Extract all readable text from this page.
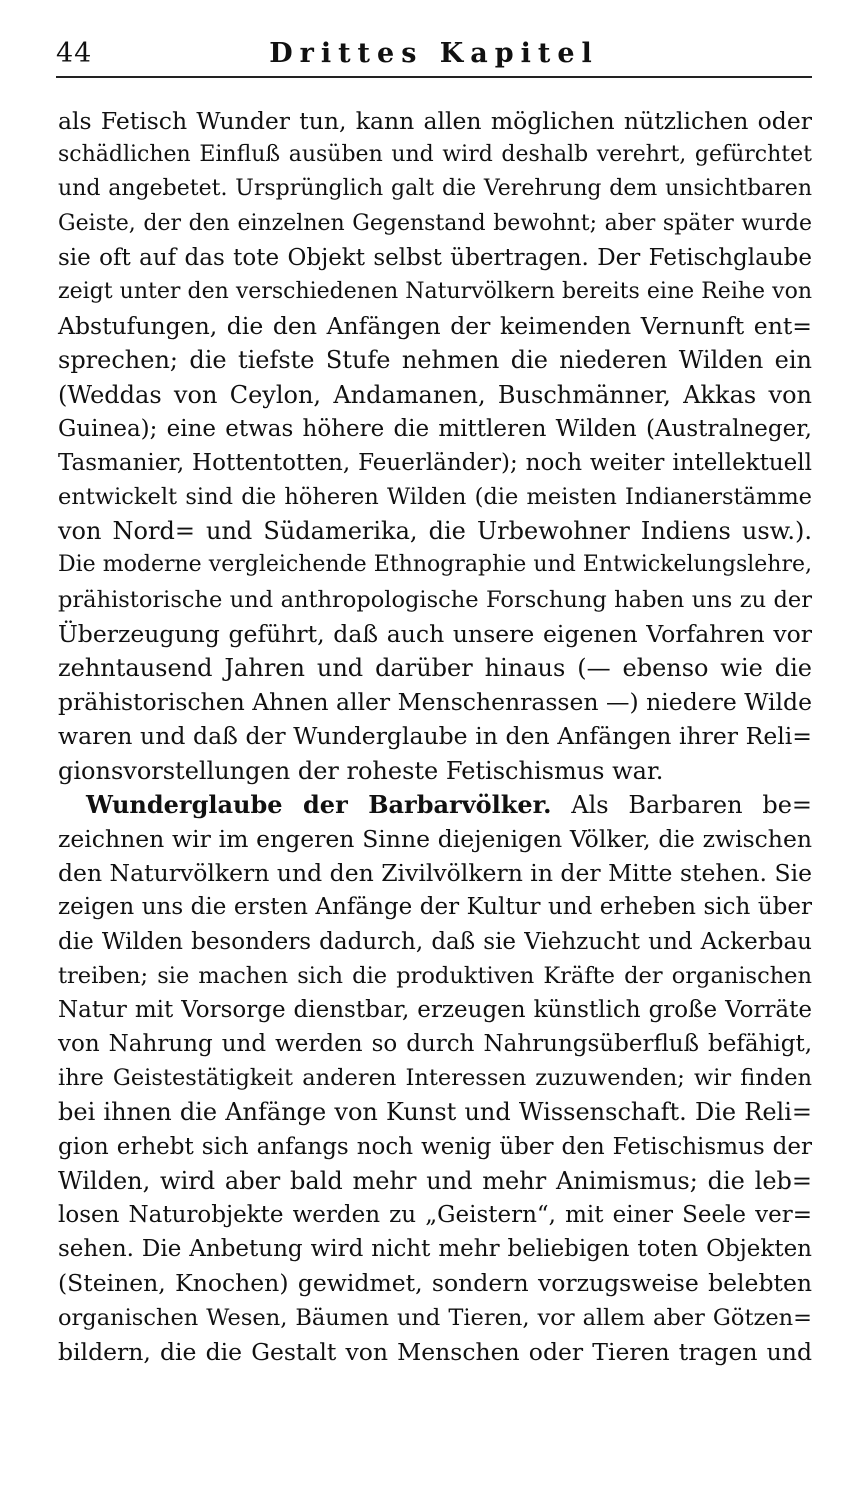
44	Drittes Kapitel
als Fetisch Wunder tun, kann allen möglichen nützlichen oder
schädlichen Einfluß ausüben und wird deshalb verehrt, gefürchtet
und angebetet. Ursprünglich galt die Verehrung dem unsichtbaren
Geiste, der den einzelnen Gegenstand bewohnt; aber später wurde
sie oft auf das tote Objekt selbst übertragen. Der Fetischglaube
zeigt unter den verschiedenen Naturvölkern bereits eine Reihe von
Abstufungen, die den Anfängen der keimenden Vernunft ent=
sprechen; die tiefste Stufe nehmen die niederen Wilden ein
(Weddas von Ceylon, Andamanen, Buschmänner, Akkas von
Guinea); eine etwas höhere die mittleren Wilden (Australneger,
Tasmanier, Hottentotten, Feuerländer); noch weiter intellektuell
entwickelt sind die höheren Wilden (die meisten Indianerstämme
von Nord= und Südamerika, die Urbewohner Indiens usw.).
Die moderne vergleichende Ethnographie und Entwickelungslehre,
prähistorische und anthropologische Forschung haben uns zu der
Überzeugung geführt, daß auch unsere eigenen Vorfahren vor
zehntausend Jahren und darüber hinaus (— ebenso wie die
prähistorischen Ahnen aller Menschenrassen —) niedere Wilde
waren und daß der Wunderglaube in den Anfängen ihrer Reli=
gionsvorstellungen der roheste Fetischismus war.
Wunderglaube der Barbarvölker. Als Barbaren be=
zeichnen wir im engeren Sinne diejenigen Völker, die zwischen
den Naturvölkern und den Zivilvölkern in der Mitte stehen. Sie
zeigen uns die ersten Anfänge der Kultur und erheben sich über
die Wilden besonders dadurch, daß sie Viehzucht und Ackerbau
treiben; sie machen sich die produktiven Kräfte der organischen
Natur mit Vorsorge dienstbar, erzeugen künstlich große Vorräte
von Nahrung und werden so durch Nahrungsüberfluß befähigt,
ihre Geistestätigkeit anderen Interessen zuzuwenden; wir finden
bei ihnen die Anfänge von Kunst und Wissenschaft. Die Reli=
gion erhebt sich anfangs noch wenig über den Fetischismus der
Wilden, wird aber bald mehr und mehr Animismus; die leb=
losen Naturobjekte werden zu „Geistern“, mit einer Seele ver=
sehen. Die Anbetung wird nicht mehr beliebigen toten Objekten
(Steinen, Knochen) gewidmet, sondern vorzugsweise belebten
organischen Wesen, Bäumen und Tieren, vor allem aber Götzen=
bildern, die die Gestalt von Menschen oder Tieren tragen und
